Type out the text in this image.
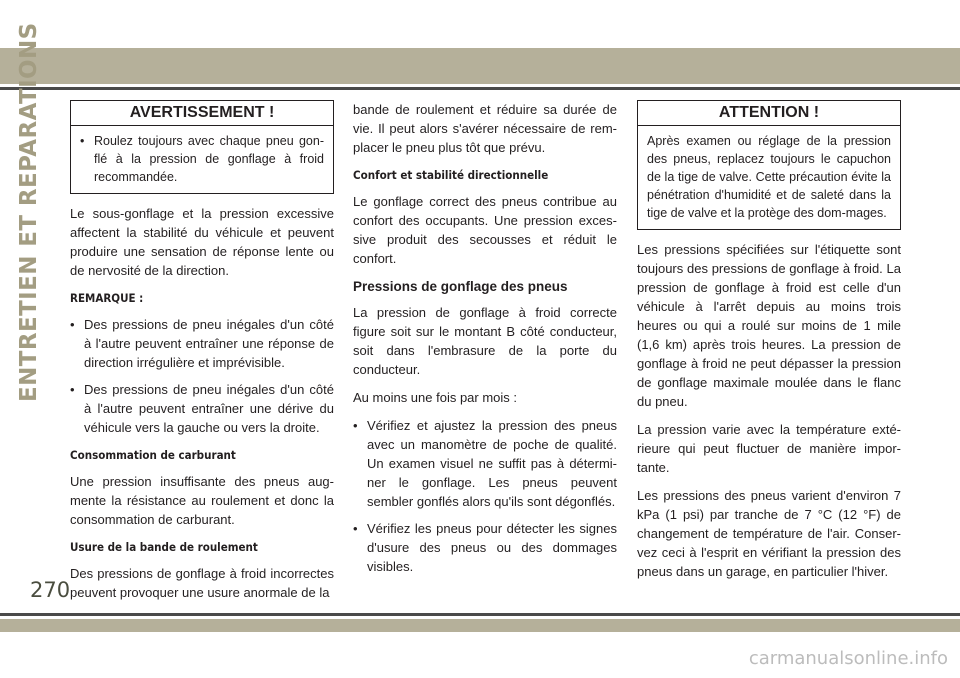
ENTRETIEN ET REPARATIONS	AVERTISSEMENT !
• Roulez toujours avec chaque pneu gon-flé à la pression de gonflage à froid recommandée.

Le sous-gonflage et la pression excessive affectent la stabilité du véhicule et peuvent produire une sensation de réponse lente ou de nervosité de la direction.

REMARQUE :
• Des pressions de pneu inégales d'un côté à l'autre peuvent entraîner une réponse de direction irrégulière et imprévisible.
• Des pressions de pneu inégales d'un côté à l'autre peuvent entraîner une dérive du véhicule vers la gauche ou vers la droite.
Consommation de carburant

Une pression insuffisante des pneus aug-mente la résistance au roulement et donc la consommation de carburant.

Usure de la bande de roulement

Des pressions de gonflage à froid incorrectes peuvent provoquer une usure anormale de la

bande de roulement et réduire sa durée de vie. Il peut alors s'avérer nécessaire de rem-placer le pneu plus tôt que prévu.

Confort et stabilité directionnelle

Le gonflage correct des pneus contribue au confort des occupants. Une pression exces-sive produit des secousses et réduit le confort.

Pressions de gonflage des pneus

La pression de gonflage à froid correcte figure soit sur le montant B côté conducteur, soit dans l'embrasure de la porte du conducteur.

Au moins une fois par mois :

• Vérifiez et ajustez la pression des pneus avec un manomètre de poche de qualité. Un examen visuel ne suffit pas à détermi-ner le gonflage. Les pneus peuvent sembler gonflés alors qu'ils sont dégonflés.
• Vérifiez les pneus pour détecter les signes d'usure des pneus ou des dommages visibles.
ATTENTION !
Après examen ou réglage de la pression des pneus, replacez toujours le capuchon de la tige de valve. Cette précaution évite la pénétration d'humidité et de saleté dans la tige de valve et la protège des dom-mages.

Les pressions spécifiées sur l'étiquette sont toujours des pressions de gonflage à froid. La pression de gonflage à froid est celle d'un véhicule à l'arrêt depuis au moins trois heures ou qui a roulé sur moins de 1 mile (1,6 km) après trois heures. La pression de gonflage à froid ne peut dépasser la pression de gonflage maximale moulée dans le flanc du pneu.

La pression varie avec la température exté-rieure qui peut fluctuer de manière impor-tante.

Les pressions des pneus varient d'environ 7 kPa (1 psi) par tranche de 7 °C (12 °F) de changement de température de l'air. Conser-vez ceci à l'esprit en vérifiant la pression des pneus dans un garage, en particulier l'hiver.

270
carmanualsonline.info
